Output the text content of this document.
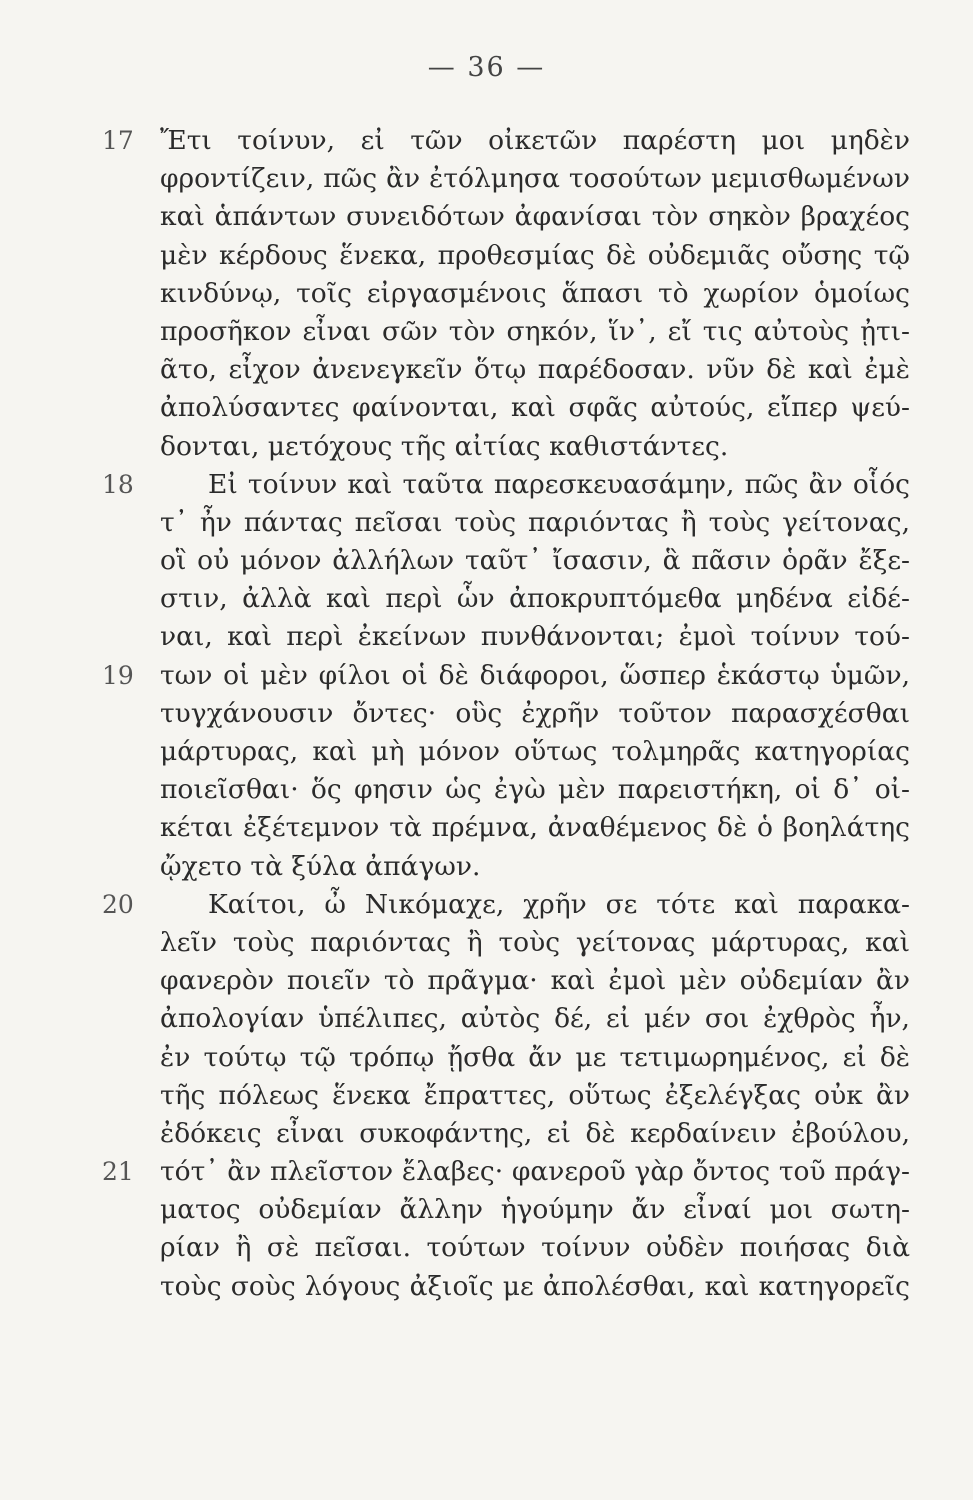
— 36 —
17 Ἔτι τοίνυν, εἰ τῶν οἰκετῶν παρέστη μοι μηδὲν
φροντίζειν, πῶς ἂν ἐτόλμησα τοσούτων μεμισθωμένων
καὶ ἁπάντων συνειδότων ἀφανίσαι τὸν σηκὸν βραχέος
μὲν κέρδους ἕνεκα, προθεσμίας δὲ οὐδεμιᾶς οὔσης τῷ
κινδύνῳ, τοῖς εἰργασμένοις ἅπασι τὸ χωρίον ὁμοίως
προσῆκον εἶναι σῶν τὸν σηκόν, ἵν᾽, εἴ τις αὐτοὺς ᾐτι-
ᾶτο, εἶχον ἀνενεγκεῖν ὅτῳ παρέδοσαν. νῦν δὲ καὶ ἐμὲ
ἀπολύσαντες φαίνονται, καὶ σφᾶς αὐτούς, εἴπερ ψεύ-
δονται, μετόχους τῆς αἰτίας καθιστάντες.
18	Εἰ τοίνυν καὶ ταῦτα παρεσκευασάμην, πῶς ἂν οἷός
τ᾽ ἦν πάντας πεῖσαι τοὺς παριόντας ἢ τοὺς γείτονας,
οἳ οὐ μόνον ἀλλήλων ταῦτ᾽ ἴσασιν, ἃ πᾶσιν ὁρᾶν ἔξε-
στιν, ἀλλὰ καὶ περὶ ὧν ἀποκρυπτόμεθα μηδένα εἰδέ-
ναι, καὶ περὶ ἐκείνων πυνθάνονται; ἐμοὶ τοίνυν τού-
19 των οἱ μὲν φίλοι οἱ δὲ διάφοροι, ὥσπερ ἑκάστῳ ὑμῶν,
τυγχάνουσιν ὄντες· οὓς ἐχρῆν τοῦτον παρασχέσθαι
μάρτυρας, καὶ μὴ μόνον οὕτως τολμηρᾶς κατηγορίας
ποιεῖσθαι· ὅς φησιν ὡς ἐγὼ μὲν παρειστήκη, οἱ δ᾽ οἰ-
κέται ἐξέτεμνον τὰ πρέμνα, ἀναθέμενος δὲ ὁ βοηλάτης
ᾤχετο τὰ ξύλα ἀπάγων.
20	Καίτοι, ὦ Νικόμαχε, χρῆν σε τότε καὶ παρακα-
λεῖν τοὺς παριόντας ἢ τοὺς γείτονας μάρτυρας, καὶ
φανερὸν ποιεῖν τὸ πρᾶγμα· καὶ ἐμοὶ μὲν οὐδεμίαν ἂν
ἀπολογίαν ὑπέλιπες, αὐτὸς δέ, εἰ μέν σοι ἐχθρὸς ἦν,
ἐν τούτῳ τῷ τρόπῳ ᾔσθα ἄν με τετιμωρημένος, εἰ δὲ
τῆς πόλεως ἕνεκα ἔπραττες, οὕτως ἐξελέγξας οὐκ ἂν
ἐδόκεις εἶναι συκοφάντης, εἰ δὲ κερδαίνειν ἐβούλου,
21 τότ᾽ ἂν πλεῖστον ἔλαβες· φανεροῦ γὰρ ὄντος τοῦ πράγ-
ματος οὐδεμίαν ἄλλην ἡγούμην ἄν εἶναί μοι σωτη-
ρίαν ἢ σὲ πεῖσαι. τούτων τοίνυν οὐδὲν ποιήσας διὰ
τοὺς σοὺς λόγους ἀξιοῖς με ἀπολέσθαι, καὶ κατηγορεῖς
